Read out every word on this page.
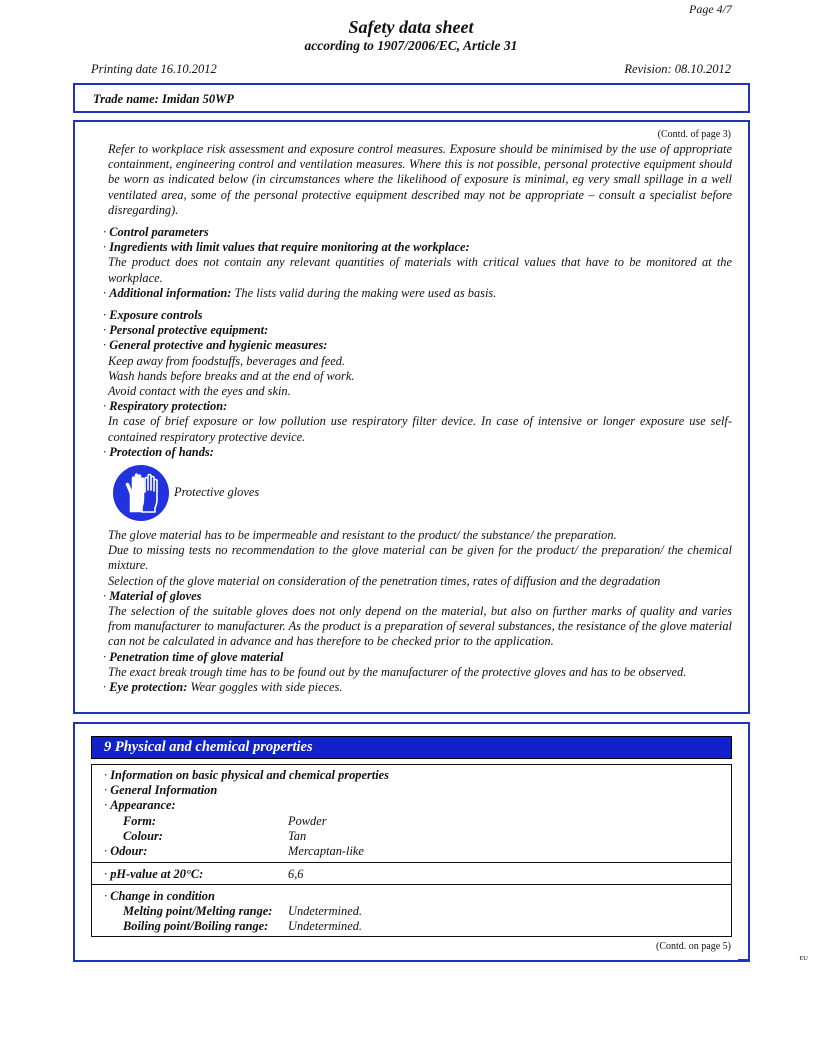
Page 4/7
Safety data sheet
according to 1907/2006/EC, Article 31
Printing date 16.10.2012	Revision: 08.10.2012
Trade name: Imidan 50WP
(Contd. of page 3)
Refer to workplace risk assessment and exposure control measures. Exposure should be minimised by the use of appropriate containment, engineering control and ventilation measures. Where this is not possible, personal protective equipment should be worn as indicated below (in circumstances where the likelihood of exposure is minimal, eg very small spillage in a well ventilated area, some of the personal protective equipment described may not be appropriate – consult a specialist before disregarding).
· Control parameters
· Ingredients with limit values that require monitoring at the workplace:
The product does not contain any relevant quantities of materials with critical values that have to be monitored at the workplace.
· Additional information: The lists valid during the making were used as basis.
· Exposure controls
· Personal protective equipment:
· General protective and hygienic measures:
Keep away from foodstuffs, beverages and feed.
Wash hands before breaks and at the end of work.
Avoid contact with the eyes and skin.
· Respiratory protection:
In case of brief exposure or low pollution use respiratory filter device. In case of intensive or longer exposure use self-contained respiratory protective device.
· Protection of hands:
Protective gloves
The glove material has to be impermeable and resistant to the product/ the substance/ the preparation.
Due to missing tests no recommendation to the glove material can be given for the product/ the preparation/ the chemical mixture.
Selection of the glove material on consideration of the penetration times, rates of diffusion and the degradation
· Material of gloves
The selection of the suitable gloves does not only depend on the material, but also on further marks of quality and varies from manufacturer to manufacturer. As the product is a preparation of several substances, the resistance of the glove material can not be calculated in advance and has therefore to be checked prior to the application.
· Penetration time of glove material
The exact break trough time has to be found out by the manufacturer of the protective gloves and has to be observed.
· Eye protection: Wear goggles with side pieces.
9 Physical and chemical properties
· Information on basic physical and chemical properties
· General Information
· Appearance:
Form:	Powder
Colour:	Tan
· Odour:	Mercaptan-like
· pH-value at 20°C:	6,6
· Change in condition
Melting point/Melting range: Undetermined.
Boiling point/Boiling range: Undetermined.
(Contd. on page 5)
EU
